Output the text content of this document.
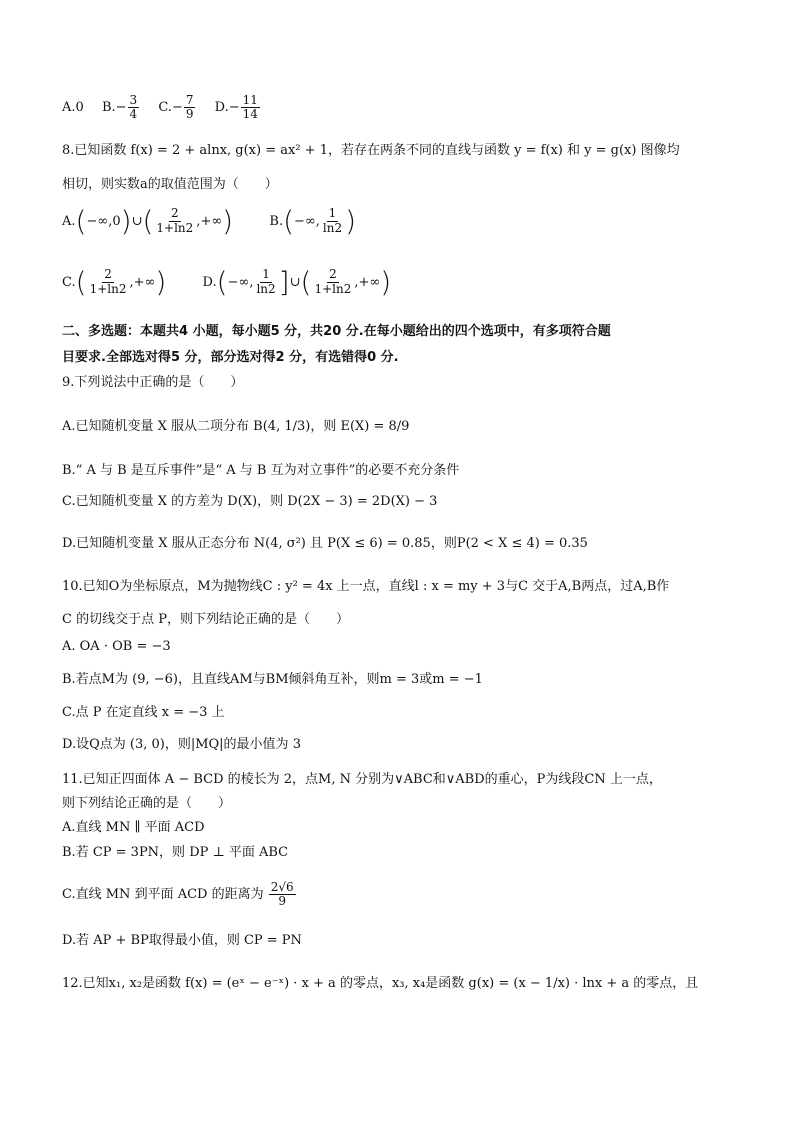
A.0 $B.- \frac{3}{4} C.- \frac{7}{9} D.- \frac{11}{14}$
8.已知函数 f(x) = 2 + alnx, g(x) = ax² + 1，若存在两条不同的直线与函数 y = f(x) 和 y = g(x) 图像均
相切，则实数a的取值范围为（　　）
A.(−∞,0)∪( $\frac{2}{1+\ln 2}$ ,+∞)	B.(−∞, $\frac{1}{\ln 2}$ )
$C.( \frac{2}{1+\ln 2}$ ,+∞)	D.(−∞, $\frac{1}{\ln 2}$ ]∪( $\frac{2}{1+\ln 2}$ ,+∞)
二、多选题：本题共4 小题，每小题5 分，共20 分.在每小题给出的四个选项中，有多项符合题
目要求.全部选对得5 分，部分选对得2 分，有选错得0 分.
9.下列说法中正确的是（　　）
A.已知随机变量 X 服从二项分布 B(4, 1/3)，则 E(X) = 8/9
B.“ A 与 B 是互斥事件”是“ A 与 B 互为对立事件”的必要不充分条件
C.已知随机变量 X 的方差为 D(X)，则 D(2X − 3) = 2D(X) − 3
D.已知随机变量 X 服从正态分布 N(4, σ²) 且 P(X ≤ 6) = 0.85，则P(2 < X ≤ 4) = 0.35
10.已知O为坐标原点，M为抛物线C : y² = 4x 上一点，直线l : x = my + 3与C 交于A,B两点，过A,B作
C 的切线交于点 P，则下列结论正确的是（　　）
A. OA · OB = −3
B.若点M为 (9, −6)，且直线AM与BM倾斜角互补，则m = 3或m = −1
C.点 P 在定直线 x = −3 上
D.设Q点为 (3, 0)，则|MQ|的最小值为 3
11.已知正四面体 A − BCD 的棱长为 2，点M, N 分别为∨ABC和∨ABD的重心，P为线段CN 上一点，
则下列结论正确的是（　　）
A.直线 MN ∥ 平面 ACD
B.若 CP = 3PN，则 DP ⊥ 平面 ABC
C.直线 MN 到平面 ACD 的距离为 $\frac{2√6}{9}$
D.若 AP + BP取得最小值，则 CP = PN
12.已知x₁, x₂是函数 f(x) = (eˣ − e⁻ˣ) · x + a 的零点，x₃, x₄是函数 g(x) = (x − 1/x) · lnx + a 的零点，且
